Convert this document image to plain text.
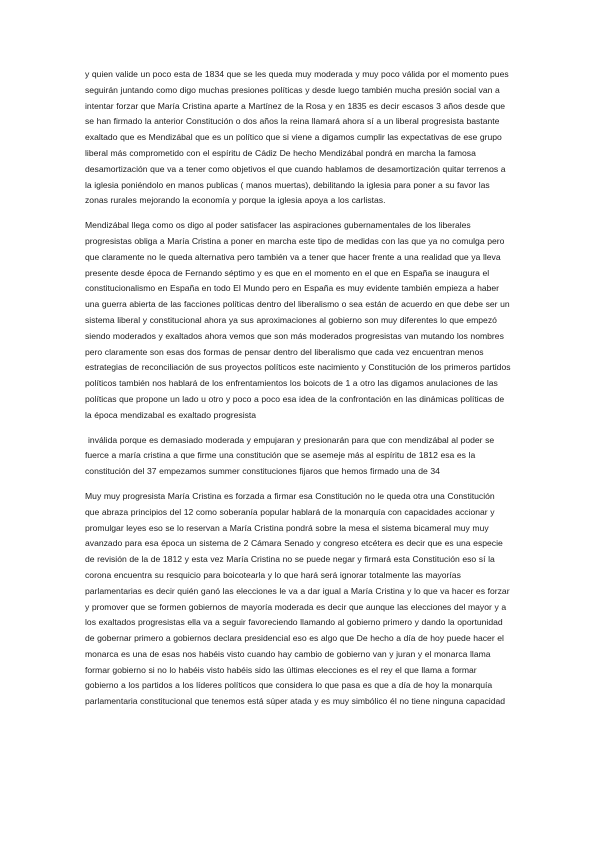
y quien valide un poco esta de 1834 que se les queda muy moderada y muy poco válida por el momento pues seguirán juntando como digo muchas presiones políticas y desde luego también mucha presión social van a intentar forzar que María Cristina aparte a Martínez de la Rosa y en 1835 es decir escasos 3 años desde que se han firmado la anterior Constitución o dos años la reina llamará ahora sí a un liberal progresista bastante exaltado que es Mendizábal que es un político que si viene a digamos cumplir las expectativas de ese grupo liberal más comprometido con el espíritu de Cádiz De hecho Mendizábal pondrá en marcha la famosa desamortización que va a tener como objetivos el que cuando hablamos de desamortización quitar terrenos a la iglesia poniéndolo en manos publicas ( manos muertas), debilitando la iglesia para poner a su favor las zonas rurales mejorando la economía y porque la iglesia apoya a los carlistas.

Mendizábal llega como os digo al poder satisfacer las aspiraciones gubernamentales de los liberales progresistas obliga a María Cristina a poner en marcha este tipo de medidas con las que ya no comulga pero que claramente no le queda alternativa pero también va a tener que hacer frente a una realidad que ya lleva presente desde época de Fernando séptimo y es que en el momento en el que en España se inaugura el constitucionalismo en España en todo El Mundo pero en España es muy evidente también empieza a haber una guerra abierta de las facciones políticas dentro del liberalismo o sea están de acuerdo en que debe ser un sistema liberal y constitucional ahora ya sus aproximaciones al gobierno son muy diferentes lo que empezó siendo moderados y exaltados ahora vemos que son más moderados progresistas van mutando los nombres pero claramente son esas dos formas de pensar dentro del liberalismo que cada vez encuentran menos estrategias de reconciliación de sus proyectos políticos este nacimiento y Constitución de los primeros partidos políticos también nos hablará de los enfrentamientos los boicots de 1 a otro las digamos anulaciones de las políticas que propone un lado u otro y poco a poco esa idea de la confrontación en las dinámicas políticas de la época mendizabal es exaltado progresista

inválida porque es demasiado moderada y empujaran y presionarán para que con mendizábal al poder se fuerce a maría cristina a que firme una constitución que se asemeje más al espíritu de 1812 esa es la constitución del 37 empezamos summer constituciones fijaros que hemos firmado una de 34

Muy muy progresista María Cristina es forzada a firmar esa Constitución no le queda otra una Constitución que abraza principios del 12 como soberanía popular hablará de la monarquía con capacidades accionar y promulgar leyes eso se lo reservan a María Cristina pondrá sobre la mesa el sistema bicameral muy muy avanzado para esa época un sistema de 2 Cámara Senado y congreso etcétera es decir que es una especie de revisión de la de 1812 y esta vez María Cristina no se puede negar y firmará esta Constitución eso sí la corona encuentra su resquicio para boicotearla y lo que hará será ignorar totalmente las mayorías parlamentarias es decir quién ganó las elecciones le va a dar igual a María Cristina y lo que va hacer es forzar y promover que se formen gobiernos de mayoría moderada es decir que aunque las elecciones del mayor y a los exaltados progresistas ella va a seguir favoreciendo llamando al gobierno primero y dando la oportunidad de gobernar primero a gobiernos declara presidencial eso es algo que De hecho a día de hoy puede hacer el monarca es una de esas nos habéis visto cuando hay cambio de gobierno van y juran y el monarca llama formar gobierno si no lo habéis visto habéis sido las últimas elecciones es el rey el que llama a formar gobierno a los partidos a los líderes políticos que considera lo que pasa es que a día de hoy la monarquía parlamentaria constitucional que tenemos está súper atada y es muy simbólico él no tiene ninguna capacidad
